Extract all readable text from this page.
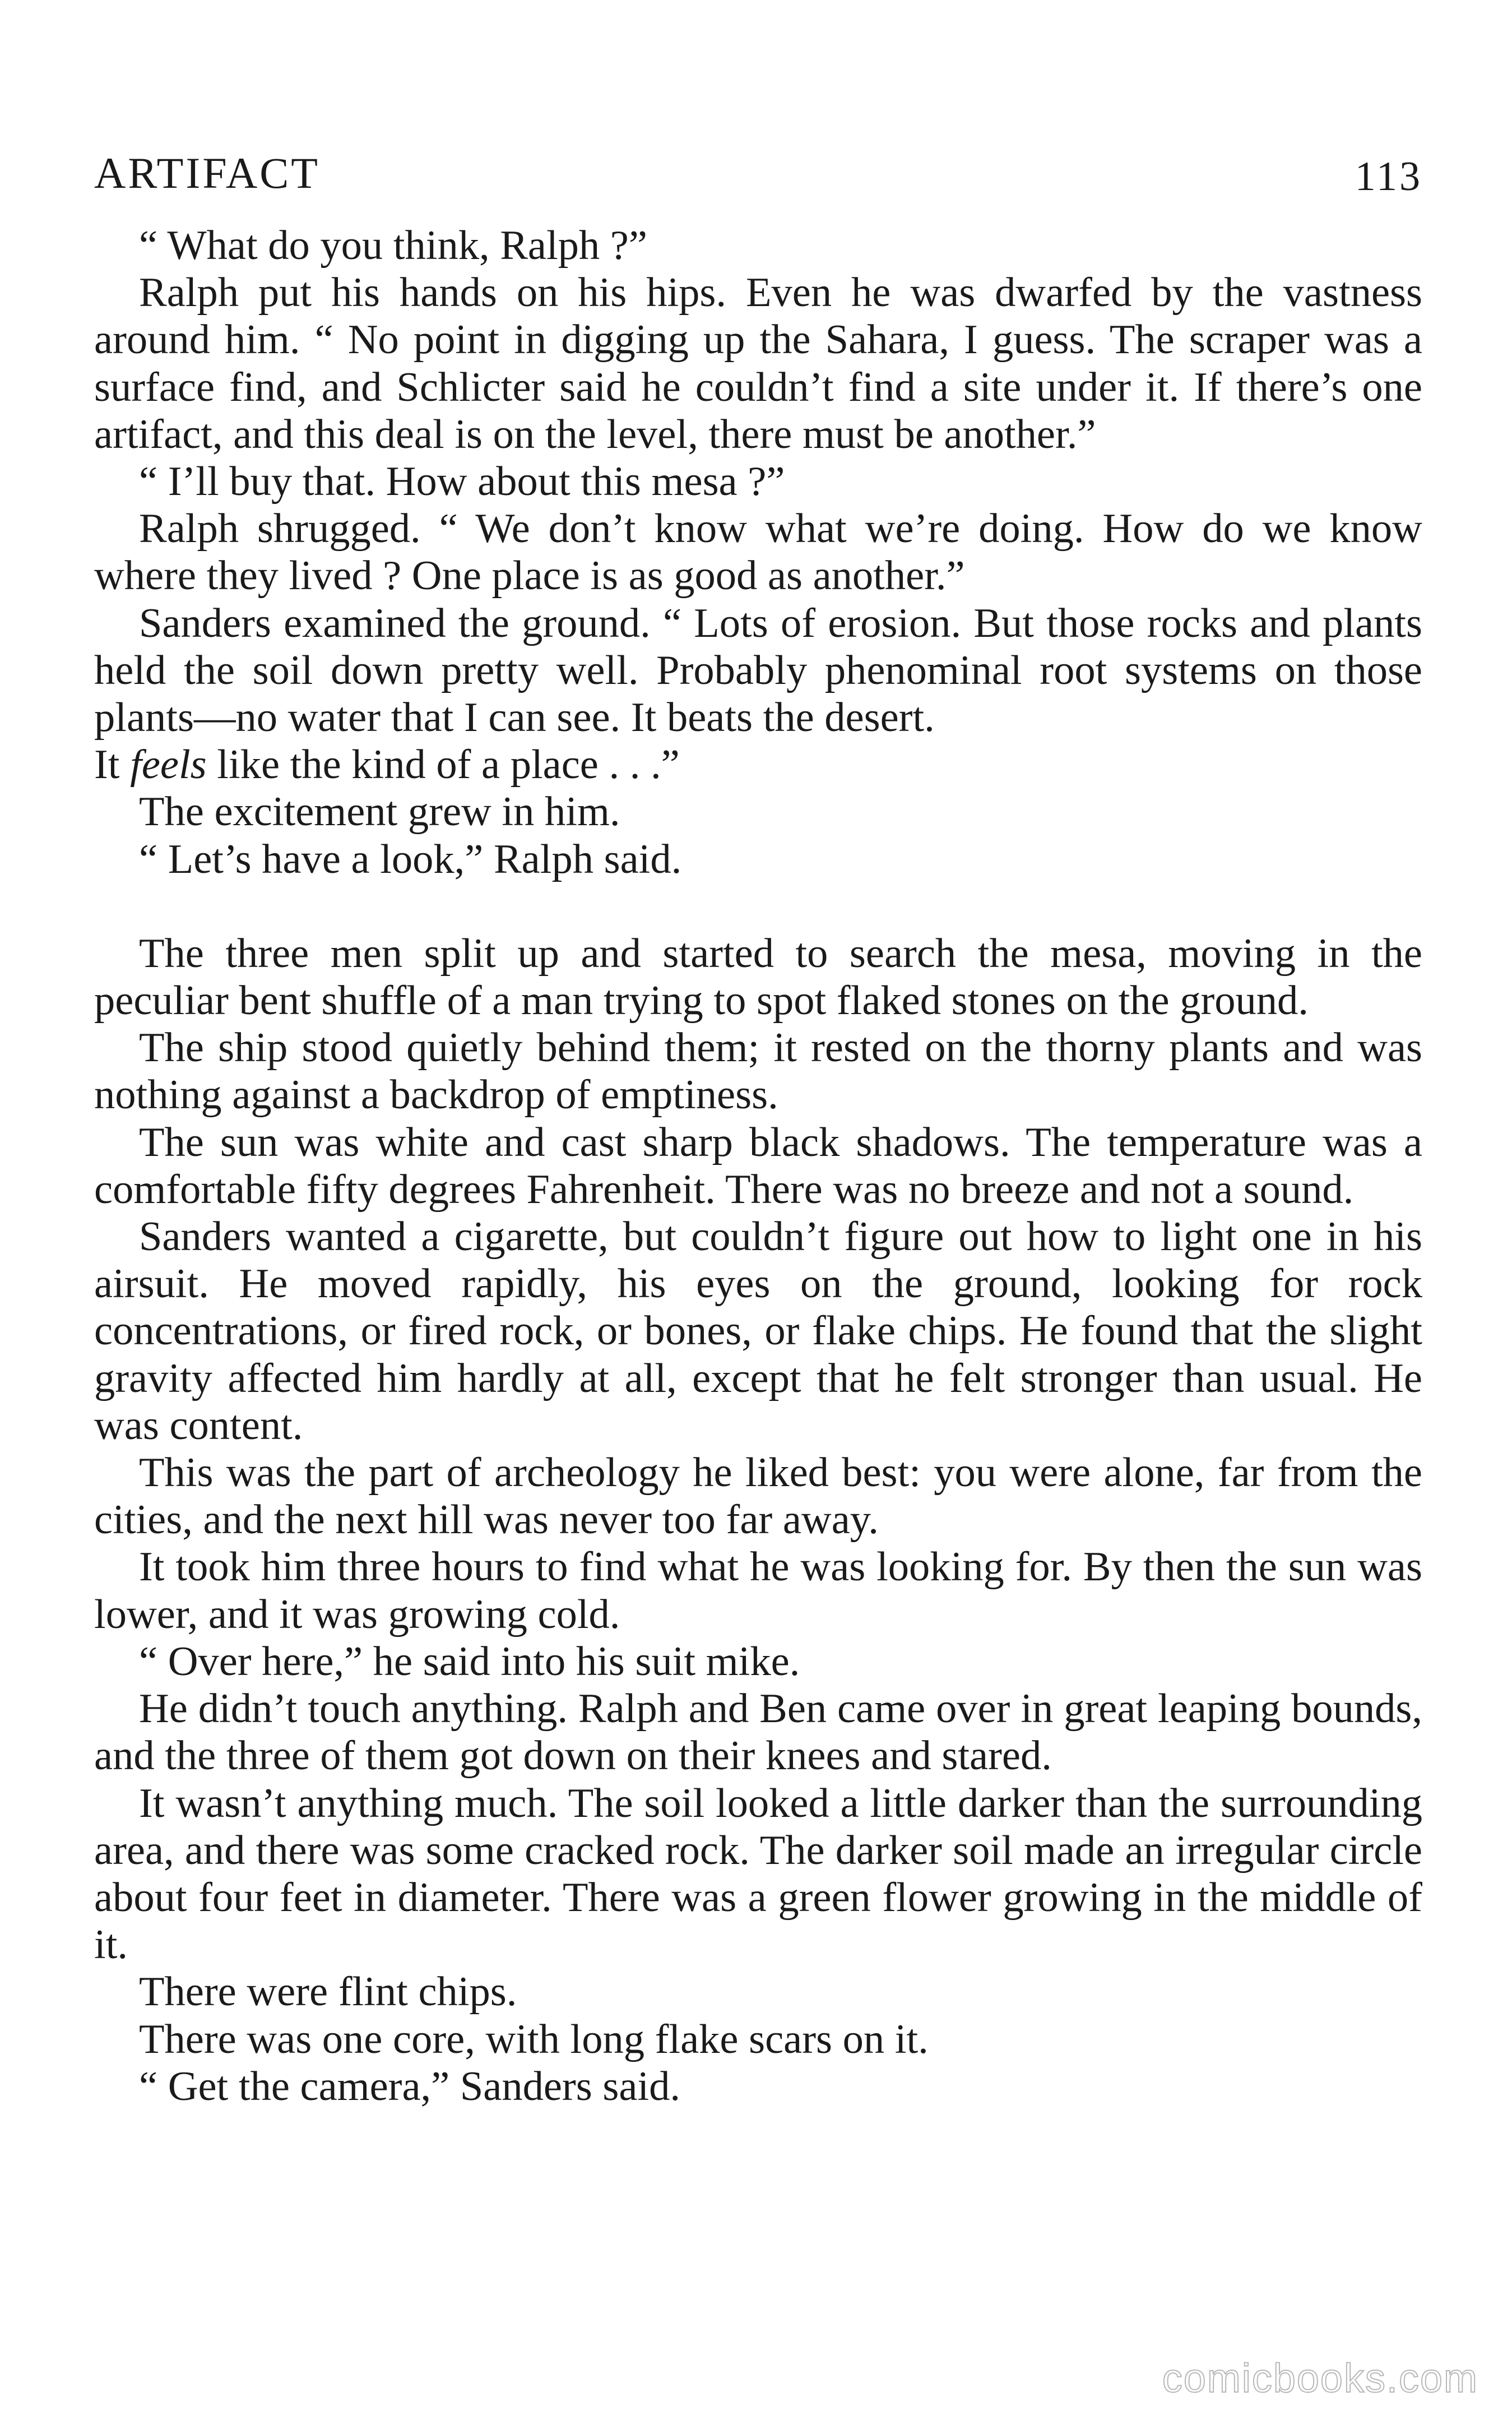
ARTIFACT	113

“ What do you think, Ralph ?”

Ralph put his hands on his hips. Even he was dwarfed by the vastness around him. “ No point in digging up the Sahara, I guess. The scraper was a surface find, and Schlicter said he couldn’t find a site under it. If there’s one artifact, and this deal is on the level, there must be another.”

“ I’ll buy that. How about this mesa ?”

Ralph shrugged. “ We don’t know what we’re doing. How do we know where they lived ? One place is as good as another.”

Sanders examined the ground. “ Lots of erosion. But those rocks and plants held the soil down pretty well. Probably phenominal root systems on those plants—no water that I can see. It beats the desert.
It feels like the kind of a place . . .”

The excitement grew in him.

“ Let’s have a look,” Ralph said.

The three men split up and started to search the mesa, moving in the peculiar bent shuffle of a man trying to spot flaked stones on the ground.

The ship stood quietly behind them; it rested on the thorny plants and was nothing against a backdrop of emptiness.

The sun was white and cast sharp black shadows. The temperature was a comfortable fifty degrees Fahrenheit. There was no breeze and not a sound.

Sanders wanted a cigarette, but couldn’t figure out how to light one in his airsuit. He moved rapidly, his eyes on the ground, looking for rock concentrations, or fired rock, or bones, or flake chips. He found that the slight gravity affected him hardly at all, except that he felt stronger than usual. He was content.

This was the part of archeology he liked best: you were alone, far from the cities, and the next hill was never too far away.

It took him three hours to find what he was looking for. By then the sun was lower, and it was growing cold.

“ Over here,” he said into his suit mike.

He didn’t touch anything. Ralph and Ben came over in great leaping bounds, and the three of them got down on their knees and stared.

It wasn’t anything much. The soil looked a little darker than the surrounding area, and there was some cracked rock. The darker soil made an irregular circle about four feet in diameter. There was a green flower growing in the middle of it.

There were flint chips.

There was one core, with long flake scars on it.

“ Get the camera,” Sanders said.

comicbooks.com
